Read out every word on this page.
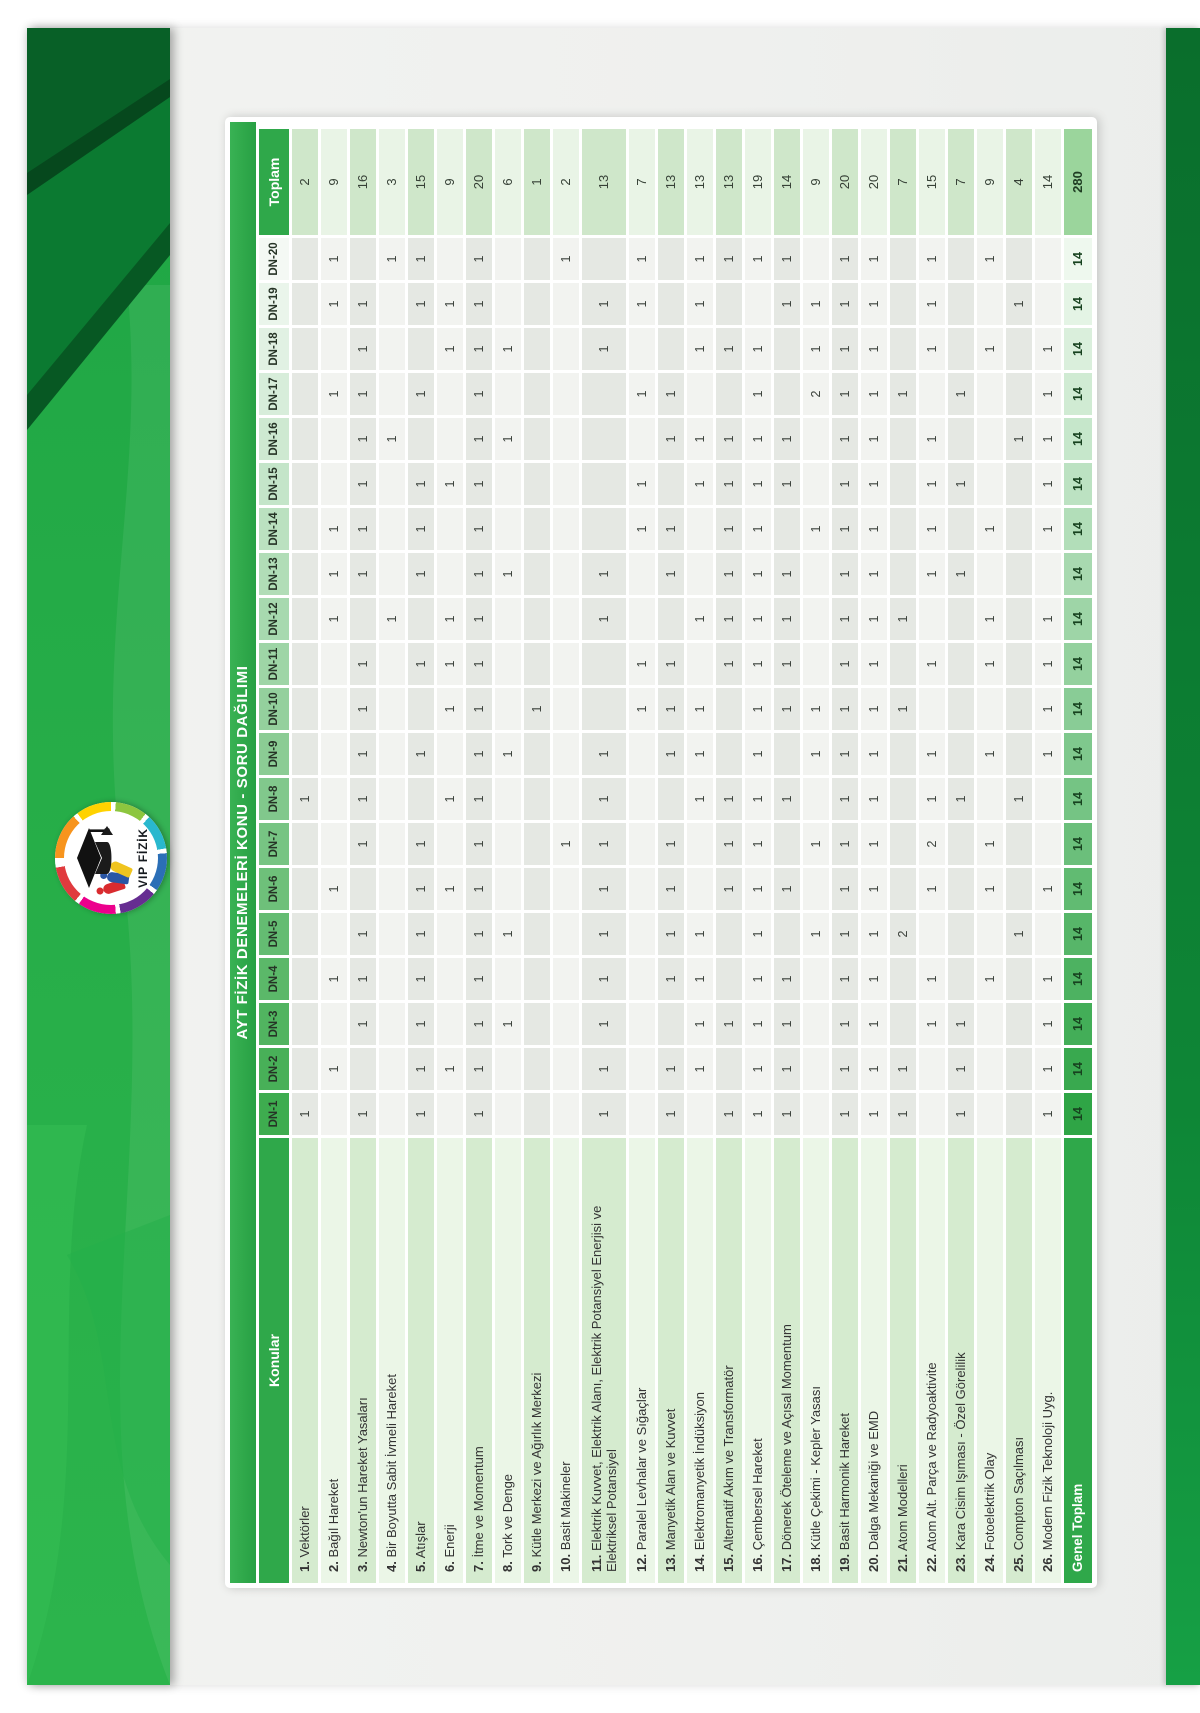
VIP FİZİK	AYT FİZİK DENEMELERİ KONU - SORU DAĞILIMI
Konular
DN-1
DN-2
DN-3
DN-4
DN-5
DN-6
DN-7
DN-8
DN-9
DN-10
DN-11
DN-12
DN-13
DN-14
DN-15
DN-16
DN-17
DN-18
DN-19
DN-20
Toplam
1. Vektörler
1
1
2
2. Bağıl Hareket
1
1
1
1
1
1
1
1
1
9
3. Newton'un Hareket Yasaları
1
1
1
1
1
1
1
1
1
1
1
1
1
1
1
1
16
4. Bir Boyutta Sabit İvmeli Hareket
1
1
1
3
5. Atışlar
1
1
1
1
1
1
1
1
1
1
1
1
1
1
1
15
6. Enerji
1
1
1
1
1
1
1
1
1
9
7. İtme ve Momentum
1
1
1
1
1
1
1
1
1
1
1
1
1
1
1
1
1
1
1
1
20
8. Tork ve Denge
1
1
1
1
1
1
6
9. Kütle Merkezi ve Ağırlık Merkezi
1
1
10. Basit Makineler
1
1
2
11. Elektrik Kuvvet, Elektrik Alanı, Elektrik Potansiyel Enerjisi ve Elektriksel Potansiyel
1
1
1
1
1
1
1
1
1
1
1
1
1
13
12. Paralel Levhalar ve Sığaçlar
1
1
1
1
1
1
1
7
13. Manyetik Alan ve Kuvvet
1
1
1
1
1
1
1
1
1
1
1
1
1
13
14. Elektromanyetik İndüksiyon
1
1
1
1
1
1
1
1
1
1
1
1
1
13
15. Alternatif Akım ve Transformatör
1
1
1
1
1
1
1
1
1
1
1
1
1
13
16. Çembersel Hareket
1
1
1
1
1
1
1
1
1
1
1
1
1
1
1
1
1
1
1
19
17. Dönerek Öteleme ve Açısal Momentum
1
1
1
1
1
1
1
1
1
1
1
1
1
1
14
18. Kütle Çekimi - Kepler Yasası
1
1
1
1
1
2
1
1
9
19. Basit Harmonik Hareket
1
1
1
1
1
1
1
1
1
1
1
1
1
1
1
1
1
1
1
1
20
20. Dalga Mekaniği ve EMD
1
1
1
1
1
1
1
1
1
1
1
1
1
1
1
1
1
1
1
1
20
21. Atom Modelleri
1
1
2
1
1
1
7
22. Atom Alt. Parça ve Radyoaktivite
1
1
1
2
1
1
1
1
1
1
1
1
1
1
15
23. Kara Cisim Işıması - Özel Görelilik
1
1
1
1
1
1
1
7
24. Fotoelektrik Olay
1
1
1
1
1
1
1
1
1
9
25. Compton Saçılması
1
1
1
1
4
26. Modern Fizik Teknoloji Uyg.
1
1
1
1
1
1
1
1
1
1
1
1
1
1
14
Genel Toplam
14
14
14
14
14
14
14
14
14
14
14
14
14
14
14
14
14
14
14
14
280
